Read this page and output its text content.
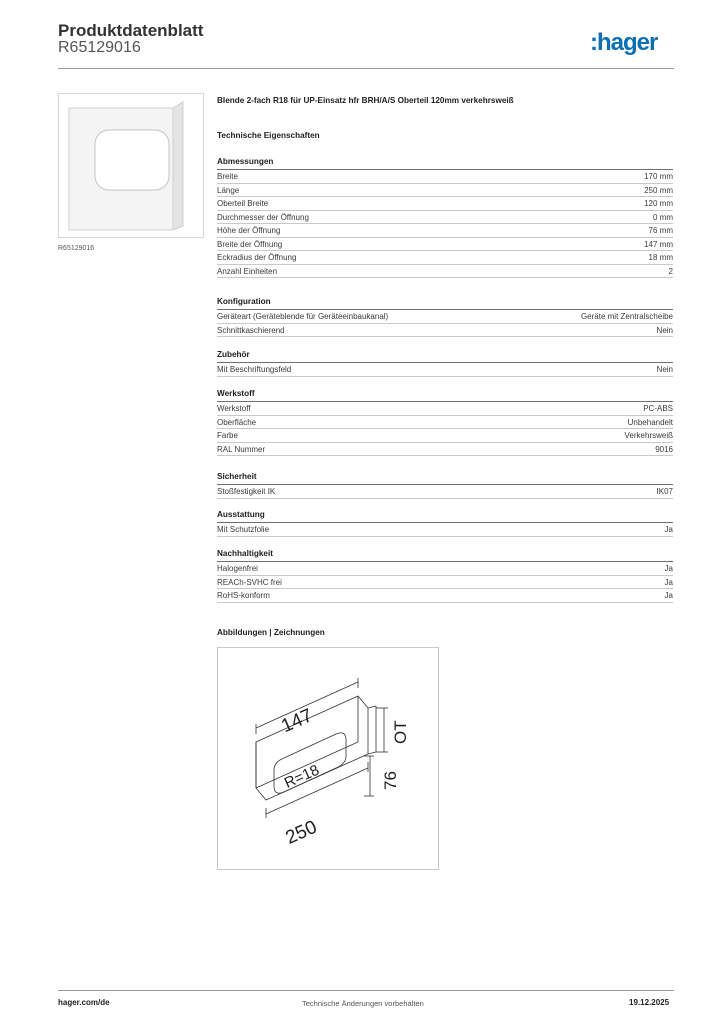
Produktdatenblatt
R65129016	:hager
R65129016
Blende 2-fach R18 für UP-Einsatz hfr BRH/A/S Oberteil 120mm verkehrsweiß
Technische Eigenschaften
Abmessungen
Breite	170 mm
Länge	250 mm
Oberteil Breite	120 mm
Durchmesser der Öffnung	0 mm
Höhe der Öffnung	76 mm
Breite der Öffnung	147 mm
Eckradius der Öffnung	18 mm
Anzahl Einheiten	2
Konfiguration
Geräteart (Geräteblende für Geräteeinbaukanal)	Geräte mit Zentralscheibe
Schnittkaschierend	Nein
Zubehör
Mit Beschriftungsfeld	Nein
Werkstoff
Werkstoff	PC-ABS
Oberfläche	Unbehandelt
Farbe	Verkehrsweiß
RAL Nummer	9016
Sicherheit
Stoßfestigkeit IK	IK07
Ausstattung
Mit Schutzfolie	Ja
Nachhaltigkeit
Halogenfrei	Ja
REACh-SVHC frei	Ja
RoHS-konform	Ja
Abbildungen | Zeichnungen
147
250
R=18
OT
76
hager.com/de	Technische Änderungen vorbehalten	19.12.2025
